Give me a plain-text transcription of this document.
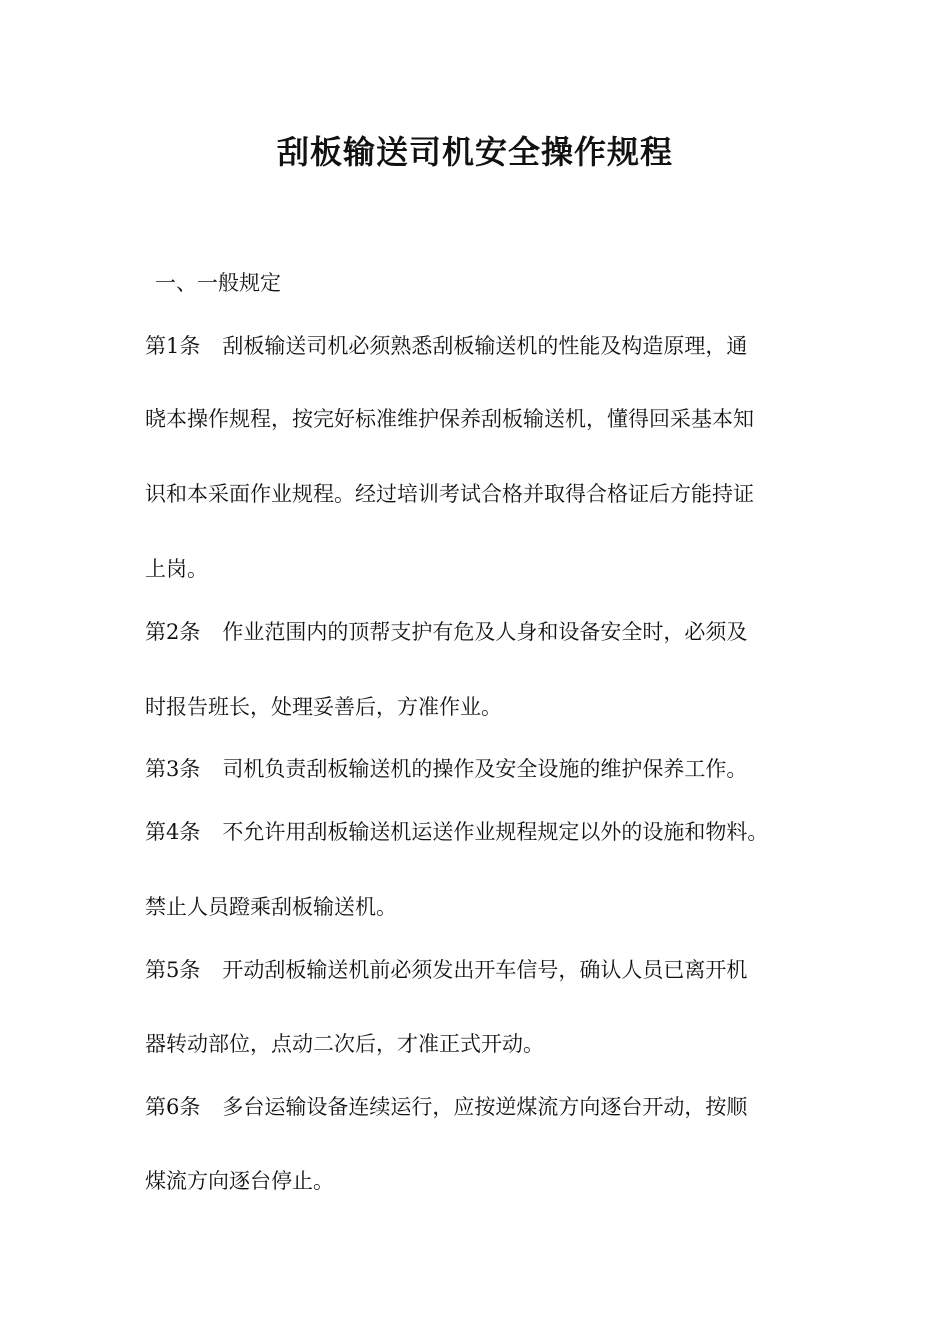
刮板输送司机安全操作规程
一、一般规定
第1条 刮板输送司机必须熟悉刮板输送机的性能及构造原理，通
晓本操作规程，按完好标准维护保养刮板输送机，懂得回采基本知
识和本采面作业规程。经过培训考试合格并取得合格证后方能持证
上岗。
第2条 作业范围内的顶帮支护有危及人身和设备安全时，必须及
时报告班长，处理妥善后，方准作业。
第3条 司机负责刮板输送机的操作及安全设施的维护保养工作。
第4条 不允许用刮板输送机运送作业规程规定以外的设施和物料。
禁止人员蹬乘刮板输送机。
第5条 开动刮板输送机前必须发出开车信号，确认人员已离开机
器转动部位，点动二次后，才准正式开动。
第6条 多台运输设备连续运行，应按逆煤流方向逐台开动，按顺
煤流方向逐台停止。
